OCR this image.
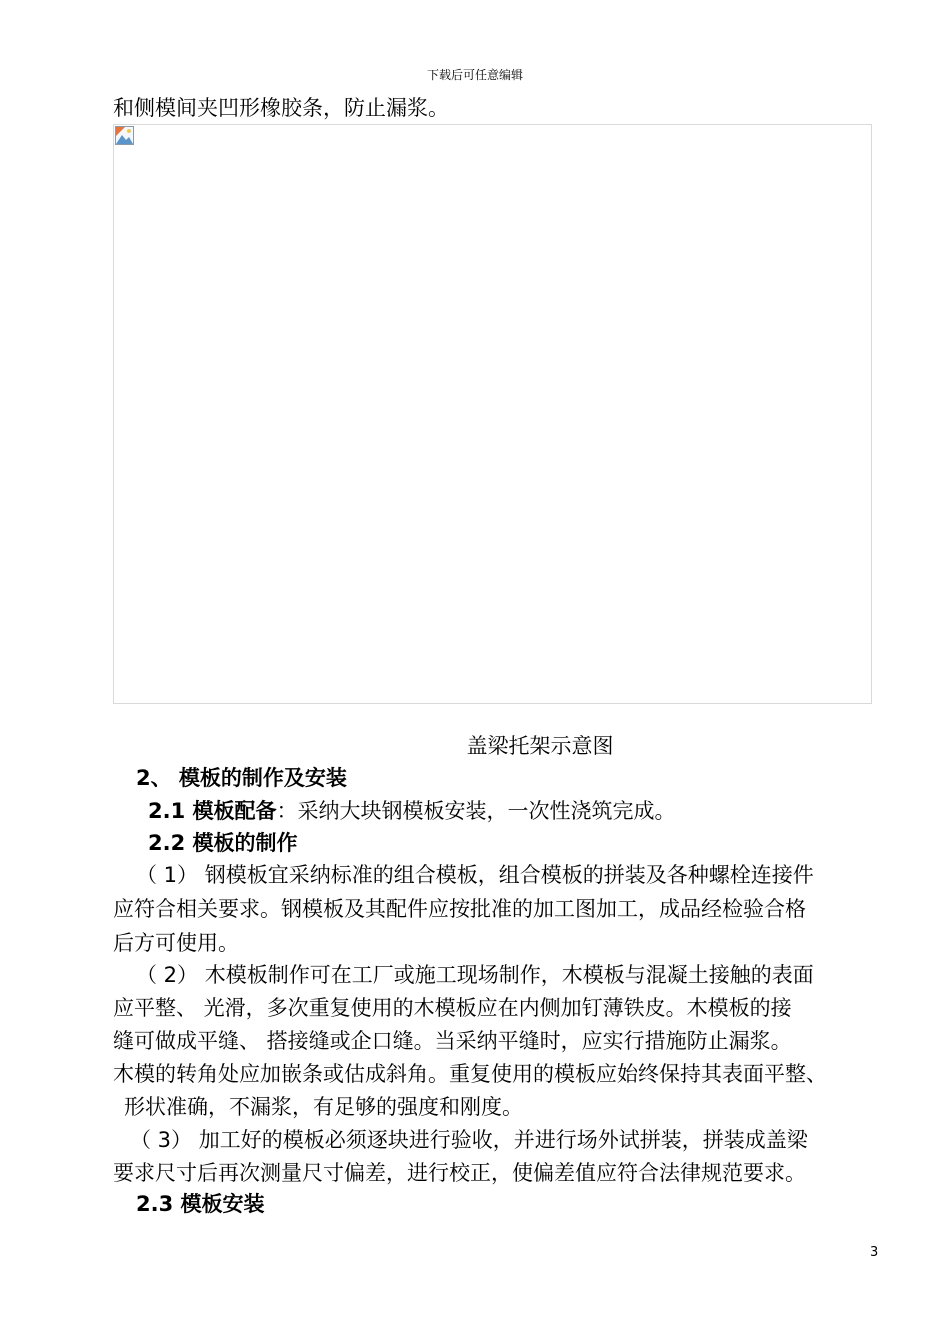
下载后可任意编辑
和侧模间夹凹形橡胶条，防止漏浆。
盖梁托架示意图
2、 模板的制作及安装
2.1 模板配备：采纳大块钢模板安装，一次性浇筑完成。
2.2 模板的制作
（ 1） 钢模板宜采纳标准的组合模板，组合模板的拼装及各种螺栓连接件
应符合相关要求。钢模板及其配件应按批准的加工图加工，成品经检验合格
后方可使用。
（ 2） 木模板制作可在工厂或施工现场制作，木模板与混凝土接触的表面
应平整、 光滑，多次重复使用的木模板应在内侧加钉薄铁皮。木模板的接
缝可做成平缝、 搭接缝或企口缝。当采纳平缝时，应实行措施防止漏浆。
木模的转角处应加嵌条或估成斜角。重复使用的模板应始终保持其表面平整、
形状准确，不漏浆，有足够的强度和刚度。
（ 3） 加工好的模板必须逐块进行验收，并进行场外试拼装，拼装成盖梁
要求尺寸后再次测量尺寸偏差，进行校正，使偏差值应符合法律规范要求。
2.3 模板安装
3
